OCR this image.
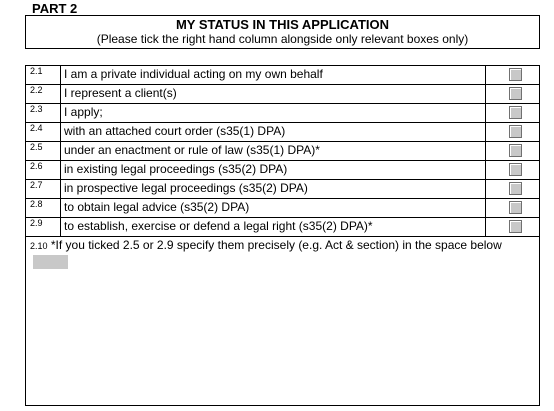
PART 2
MY STATUS IN THIS APPLICATION
(Please tick the right hand column alongside only relevant boxes only)
2.1	I am a private individual acting on my own behalf	
2.2	I represent a client(s)	
2.3	I apply;	
2.4	with an attached court order (s35(1) DPA)	
2.5	under an enactment or rule of law (s35(1) DPA)*	
2.6	in existing legal proceedings (s35(2) DPA)	
2.7	in prospective legal proceedings (s35(2) DPA)	
2.8	to obtain legal advice (s35(2) DPA)	
2.9	to establish, exercise or defend a legal right (s35(2) DPA)*	

2.10 *If you ticked 2.5 or 2.9 specify them precisely (e.g. Act & section) in the space below		
